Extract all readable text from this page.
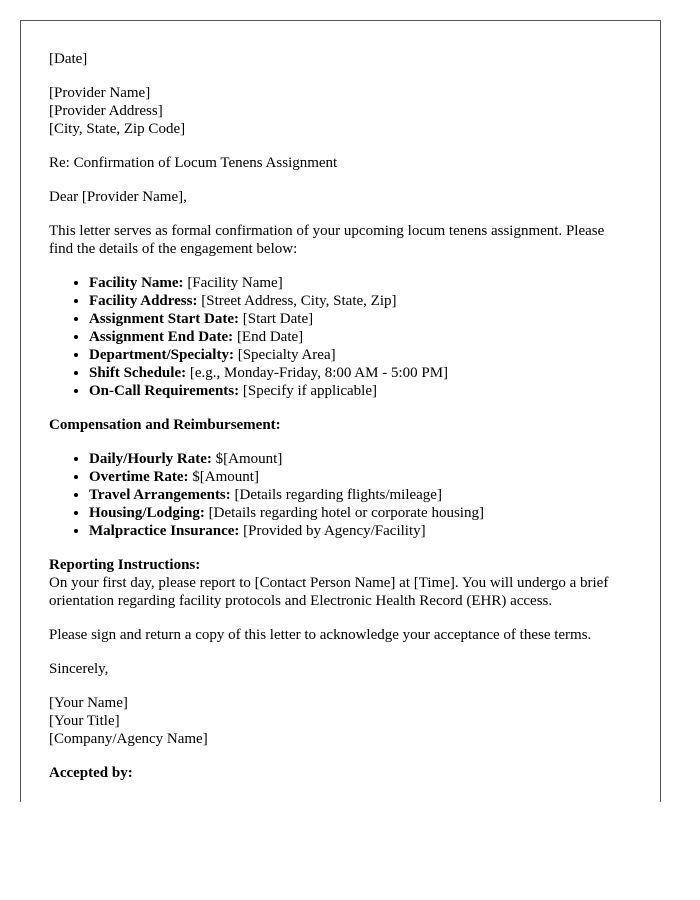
[Date]

[Provider Name]
[Provider Address]
[City, State, Zip Code]

Re: Confirmation of Locum Tenens Assignment

Dear [Provider Name],

This letter serves as formal confirmation of your upcoming locum tenens assignment. Please find the details of the engagement below:

• Facility Name: [Facility Name]
• Facility Address: [Street Address, City, State, Zip]
• Assignment Start Date: [Start Date]
• Assignment End Date: [End Date]
• Department/Specialty: [Specialty Area]
• Shift Schedule: [e.g., Monday-Friday, 8:00 AM - 5:00 PM]
• On-Call Requirements: [Specify if applicable]

Compensation and Reimbursement:

• Daily/Hourly Rate: $[Amount]
• Overtime Rate: $[Amount]
• Travel Arrangements: [Details regarding flights/mileage]
• Housing/Lodging: [Details regarding hotel or corporate housing]
• Malpractice Insurance: [Provided by Agency/Facility]

Reporting Instructions:
On your first day, please report to [Contact Person Name] at [Time]. You will undergo a brief orientation regarding facility protocols and Electronic Health Record (EHR) access.

Please sign and return a copy of this letter to acknowledge your acceptance of these terms.

Sincerely,

[Your Name]
[Your Title]
[Company/Agency Name]

Accepted by:
